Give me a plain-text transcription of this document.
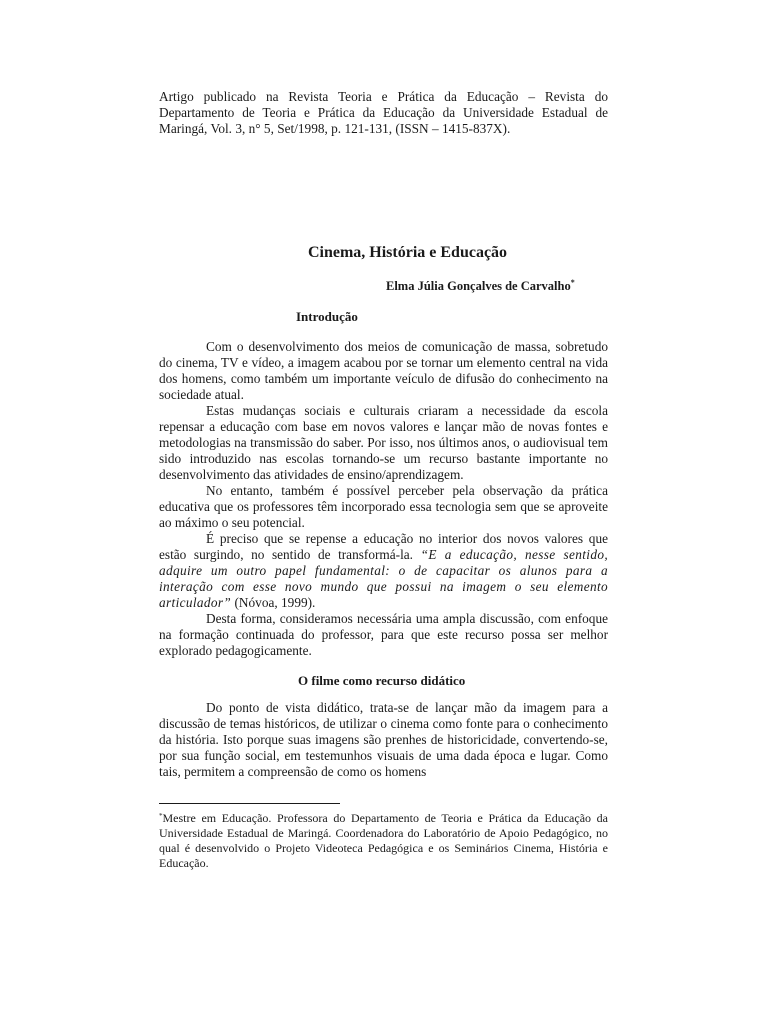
Artigo publicado na Revista Teoria e Prática da Educação – Revista do Departamento de Teoria e Prática da Educação da Universidade Estadual de Maringá, Vol. 3, n° 5, Set/1998, p. 121-131, (ISSN – 1415-837X).
Cinema, História e Educação
Elma Júlia Gonçalves de Carvalho*
Introdução

Com o desenvolvimento dos meios de comunicação de massa, sobretudo do cinema, TV e vídeo, a imagem acabou por se tornar um elemento central na vida dos homens, como também um importante veículo de difusão do conhecimento na sociedade atual.

Estas mudanças sociais e culturais criaram a necessidade da escola repensar a educação com base em novos valores e lançar mão de novas fontes e metodologias na transmissão do saber. Por isso, nos últimos anos, o audiovisual tem sido introduzido nas escolas tornando-se um recurso bastante importante no desenvolvimento das atividades de ensino/aprendizagem.

No entanto, também é possível perceber pela observação da prática educativa que os professores têm incorporado essa tecnologia sem que se aproveite ao máximo o seu potencial.

É preciso que se repense a educação no interior dos novos valores que estão surgindo, no sentido de transformá-la. “E a educação, nesse sentido, adquire um outro papel fundamental: o de capacitar os alunos para a interação com esse novo mundo que possui na imagem o seu elemento articulador” (Nóvoa, 1999).

Desta forma, consideramos necessária uma ampla discussão, com enfoque na formação continuada do professor, para que este recurso possa ser melhor explorado pedagogicamente.

O filme como recurso didático

Do ponto de vista didático, trata-se de lançar mão da imagem para a discussão de temas históricos, de utilizar o cinema como fonte para o conhecimento da história. Isto porque suas imagens são prenhes de historicidade, convertendo-se, por sua função social, em testemunhos visuais de uma dada época e lugar. Como tais, permitem a compreensão de como os homens

*Mestre em Educação. Professora do Departamento de Teoria e Prática da Educação da Universidade Estadual de Maringá. Coordenadora do Laboratório de Apoio Pedagógico, no qual é desenvolvido o Projeto Videoteca Pedagógica e os Seminários Cinema, História e Educação.
